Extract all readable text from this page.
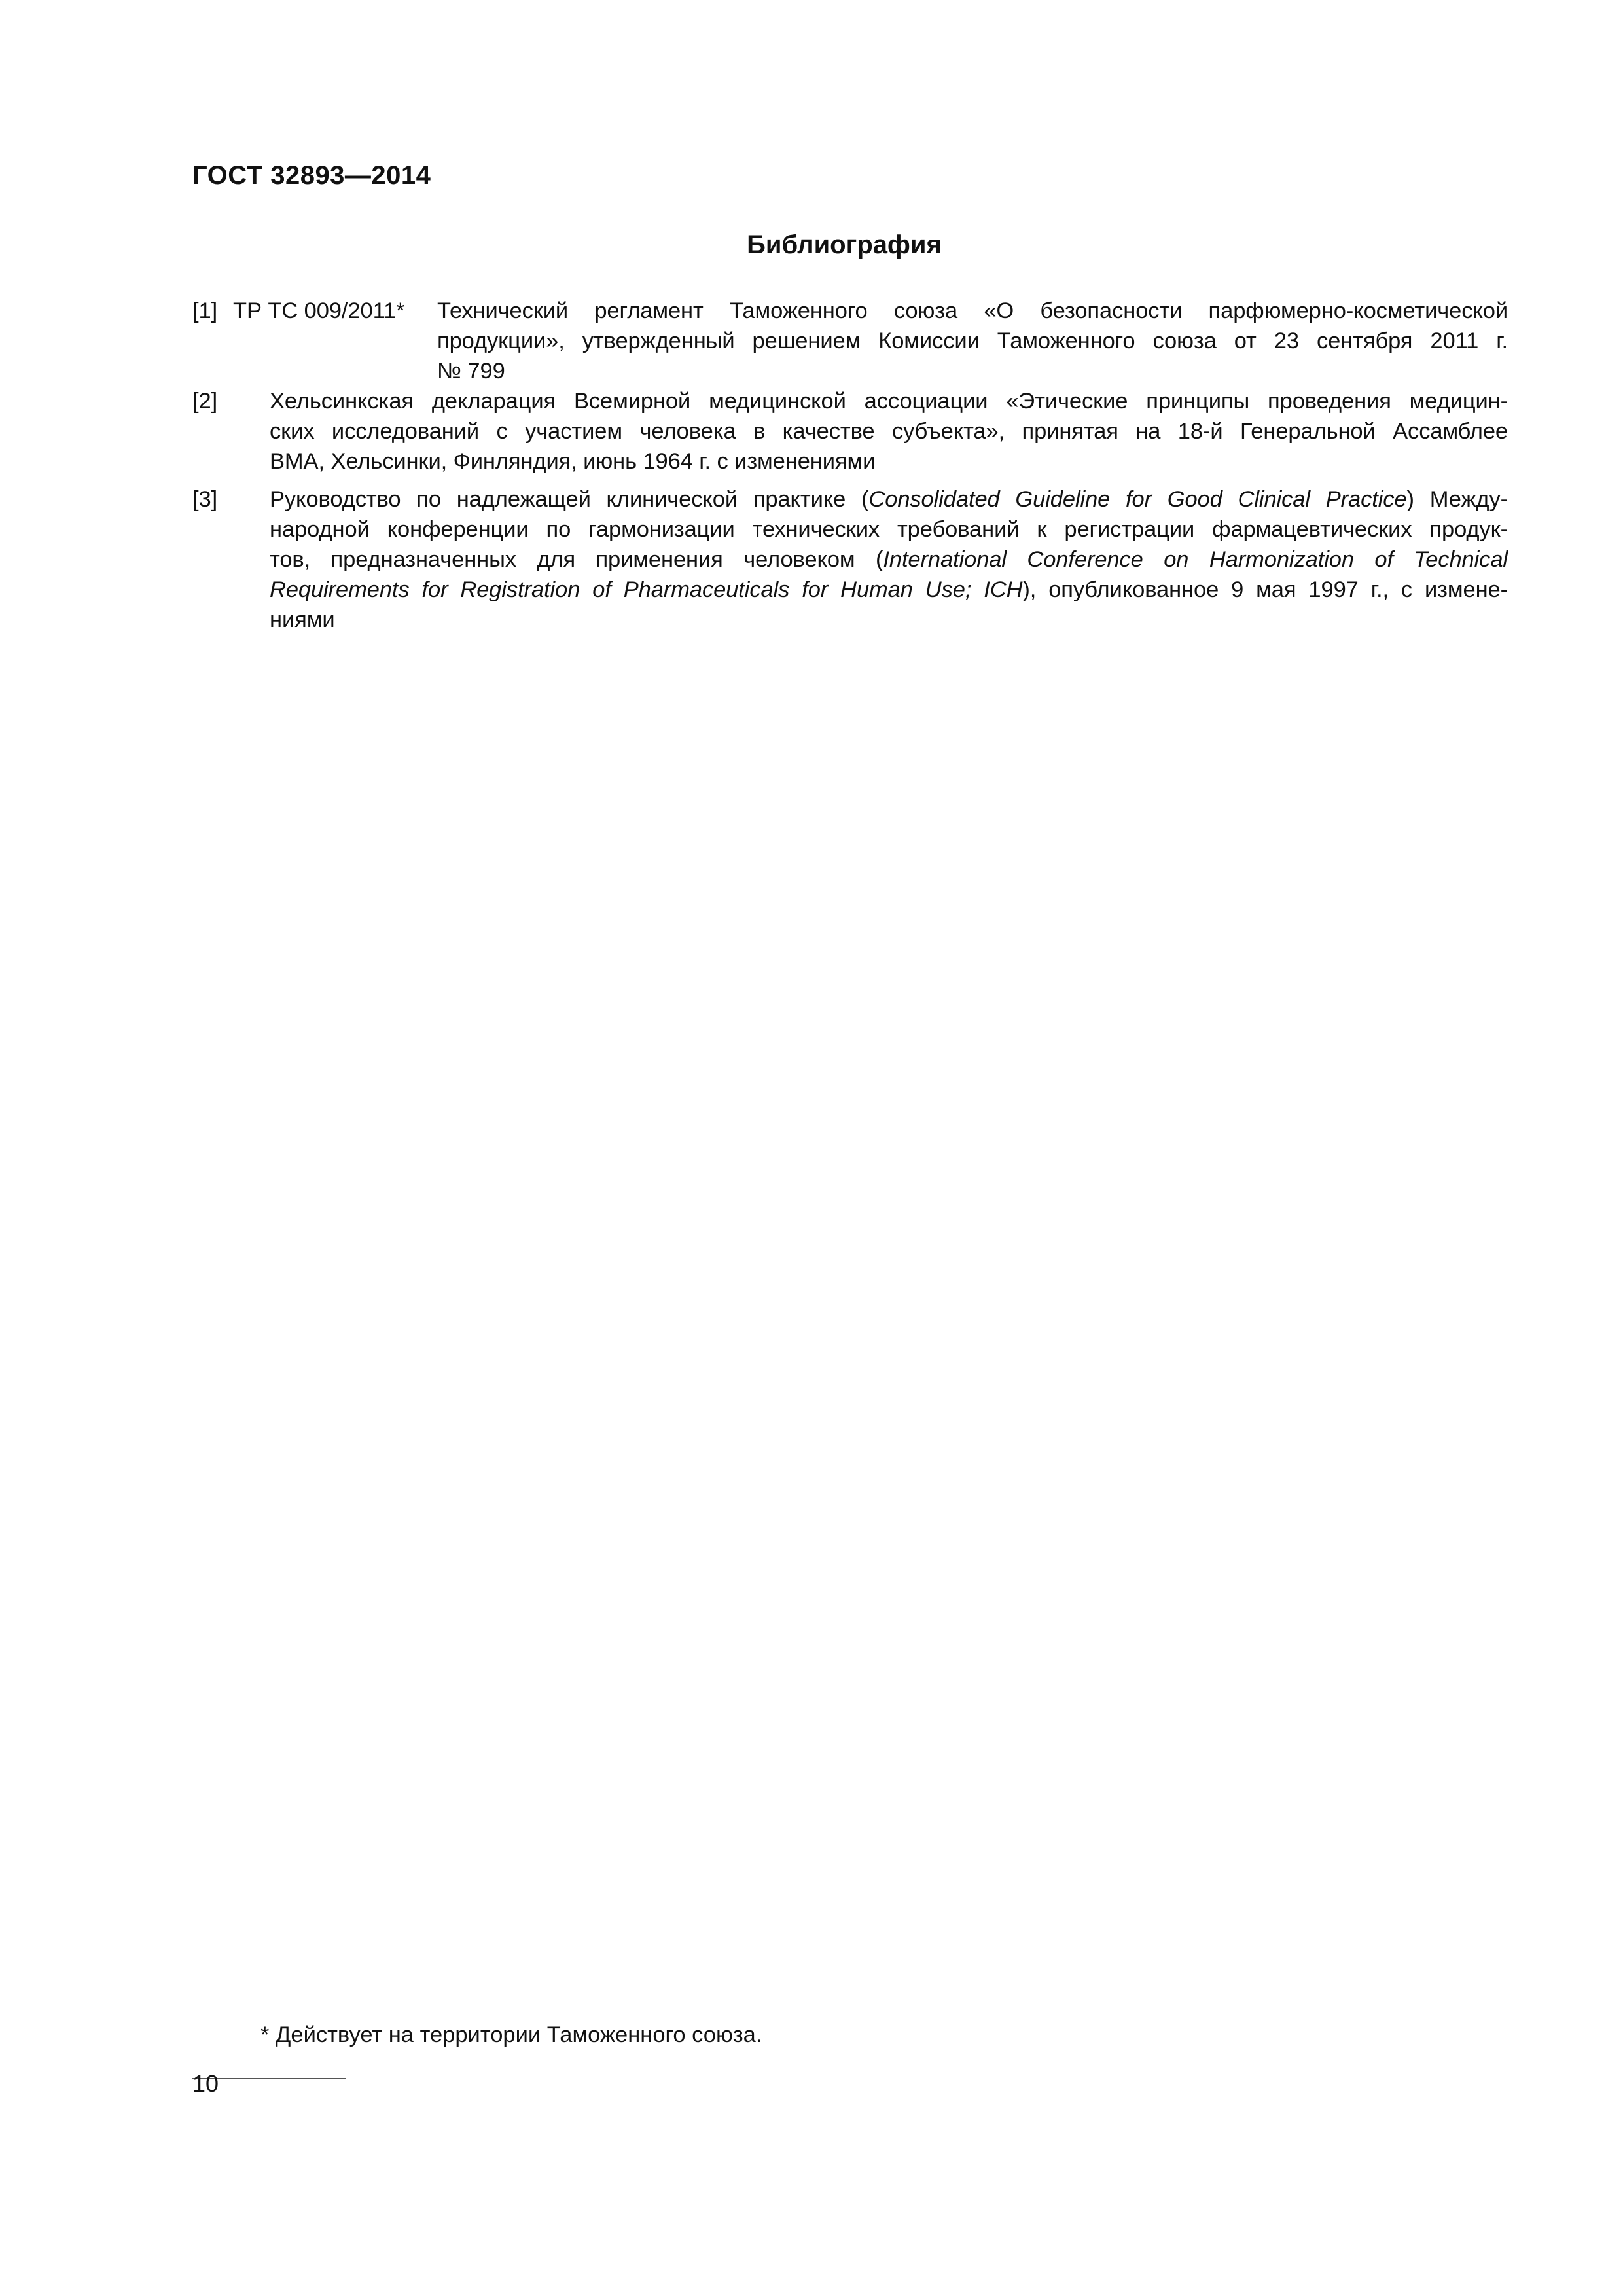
ГОСТ 32893—2014
Библиография
[1] ТР ТС 009/2011* Технический регламент Таможенного союза «О безопасности парфюмерно-косметической
продукции», утвержденный решением Комиссии Таможенного союза от 23 сентября 2011 г.
№ 799
[2] Хельсинкская декларация Всемирной медицинской ассоциации «Этические принципы проведения медицин-
ских исследований с участием человека в качестве субъекта», принятая на 18-й Генеральной Ассамблее
ВМА, Хельсинки, Финляндия, июнь 1964 г. с изменениями
[3] Руководство по надлежащей клинической практике (Consolidated Guideline for Good Clinical Practice) Между-
народной конференции по гармонизации технических требований к регистрации фармацевтических продук-
тов, предназначенных для применения человеком (International Conference on Harmonization of Technical
Requirements for Registration of Pharmaceuticals for Human Use; ICH), опубликованное 9 мая 1997 г., с измене-
ниями
* Действует на территории Таможенного союза.
10
